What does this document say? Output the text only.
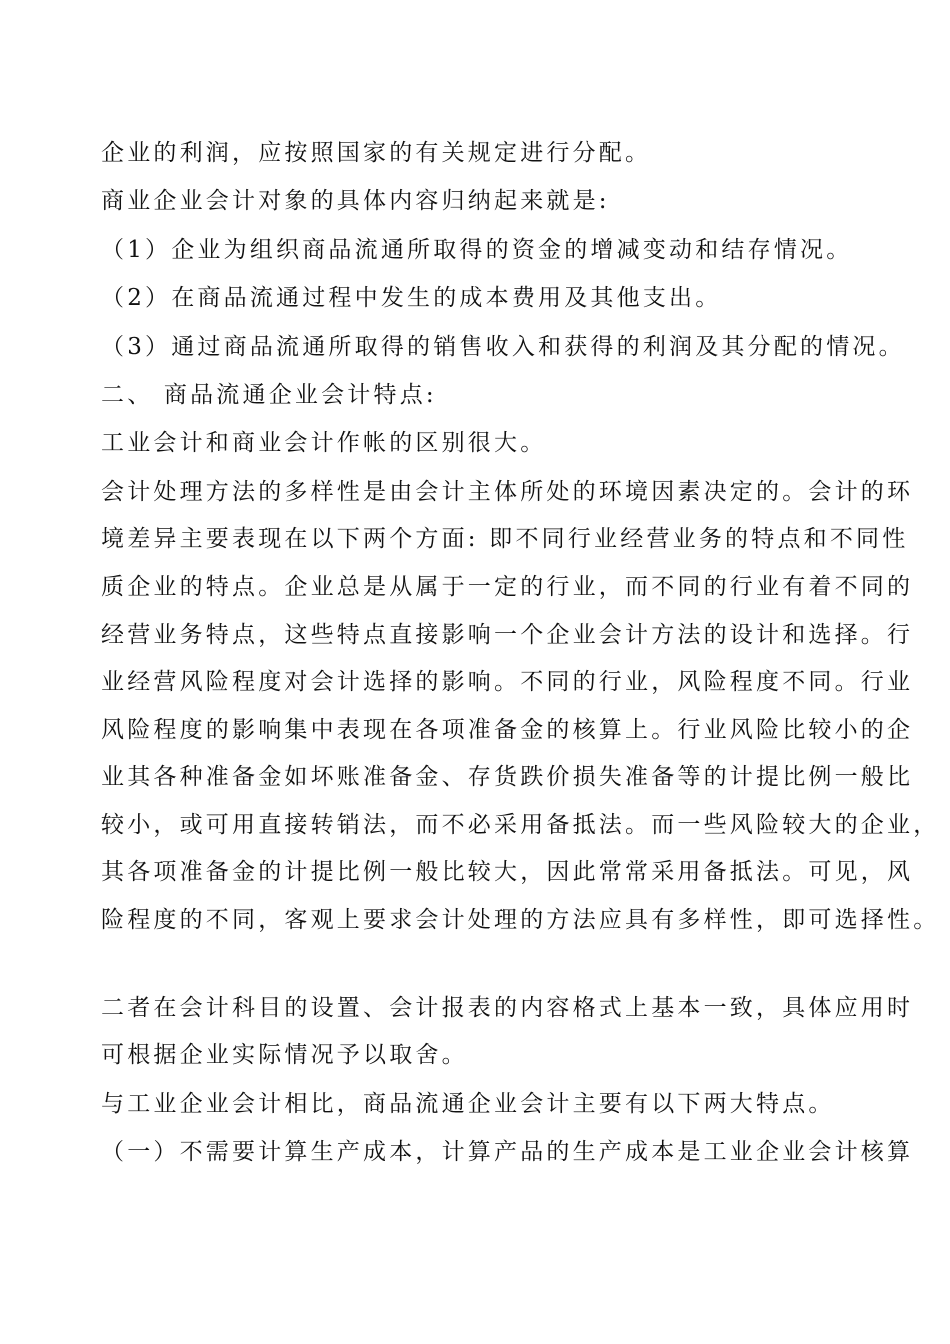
企业的利润，应按照国家的有关规定进行分配。
商业企业会计对象的具体内容归纳起来就是:
（1）企业为组织商品流通所取得的资金的增减变动和结存情况。
（2）在商品流通过程中发生的成本费用及其他支出。
（3）通过商品流通所取得的销售收入和获得的利润及其分配的情况。
二、 商品流通企业会计特点:
工业会计和商业会计作帐的区别很大。
会计处理方法的多样性是由会计主体所处的环境因素决定的。会计的环
境差异主要表现在以下两个方面: 即不同行业经营业务的特点和不同性
质企业的特点。企业总是从属于一定的行业，而不同的行业有着不同的
经营业务特点，这些特点直接影响一个企业会计方法的设计和选择。行
业经营风险程度对会计选择的影响。不同的行业，风险程度不同。行业
风险程度的影响集中表现在各项准备金的核算上。行业风险比较小的企
业其各种准备金如坏账准备金、存货跌价损失准备等的计提比例一般比
较小，或可用直接转销法，而不必采用备抵法。而一些风险较大的企业，
其各项准备金的计提比例一般比较大，因此常常采用备抵法。可见，风
险程度的不同，客观上要求会计处理的方法应具有多样性，即可选择性。
二者在会计科目的设置、会计报表的内容格式上基本一致，具体应用时
可根据企业实际情况予以取舍。
与工业企业会计相比，商品流通企业会计主要有以下两大特点。
（一）不需要计算生产成本，计算产品的生产成本是工业企业会计核算
